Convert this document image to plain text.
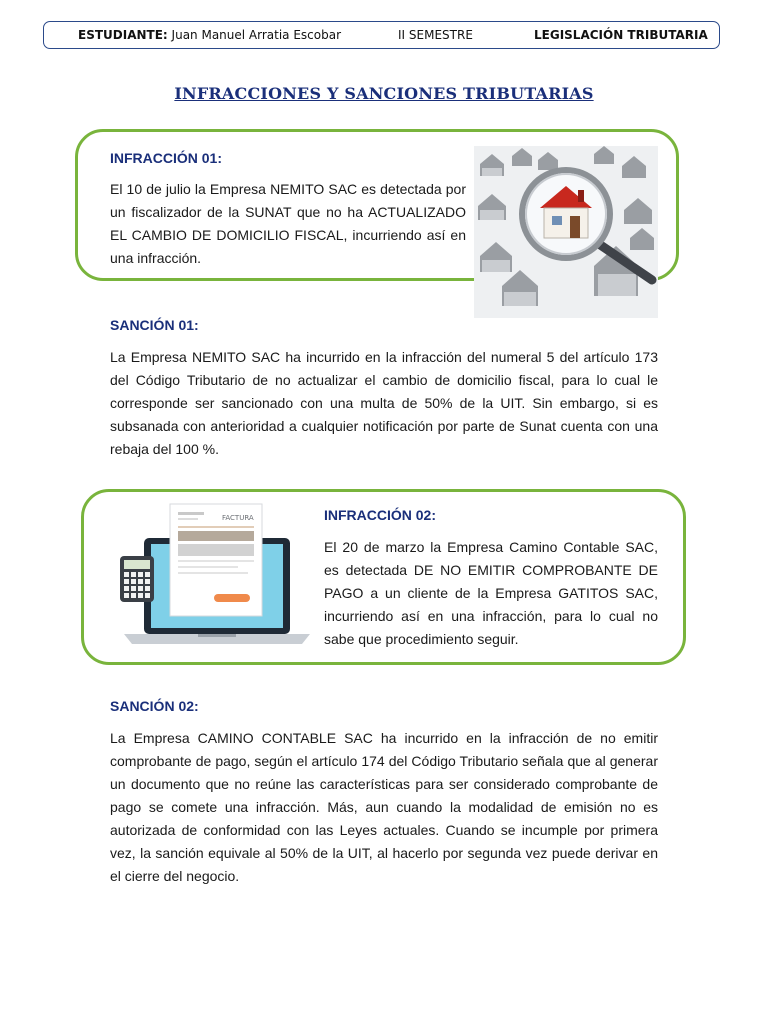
ESTUDIANTE: Juan Manuel Arratia Escobar	II SEMESTRE	LEGISLACIÓN TRIBUTARIA
INFRACCIONES Y SANCIONES TRIBUTARIAS
INFRACCIÓN 01:

El 10 de julio la Empresa NEMITO SAC es detectada por un fiscalizador de la SUNAT que no ha ACTUALIZADO EL CAMBIO DE DOMICILIO FISCAL, incurriendo así en una infracción.

SANCIÓN 01:

La Empresa NEMITO SAC ha incurrido en la infracción del numeral 5 del artículo 173 del Código Tributario de no actualizar el cambio de domicilio fiscal, para lo cual le corresponde ser sancionado con una multa de 50% de la UIT. Sin embargo, si es subsanada con anterioridad a cualquier notificación por parte de Sunat cuenta con una rebaja del 100 %.

FACTURA	INFRACCIÓN 02:

El 20 de marzo la Empresa Camino Contable SAC, es detectada DE NO EMITIR COMPROBANTE DE PAGO a un cliente de la Empresa GATITOS SAC, incurriendo así en una infracción, para lo cual no sabe que procedimiento seguir.

SANCIÓN 02:

La Empresa CAMINO CONTABLE SAC ha incurrido en la infracción de no emitir comprobante de pago, según el artículo 174 del Código Tributario señala que al generar un documento que no reúne las características para ser considerado comprobante de pago se comete una infracción. Más, aun cuando la modalidad de emisión no es autorizada de conformidad con las Leyes actuales. Cuando se incumple por primera vez, la sanción equivale al 50% de la UIT, al hacerlo por segunda vez puede derivar en el cierre del negocio.
